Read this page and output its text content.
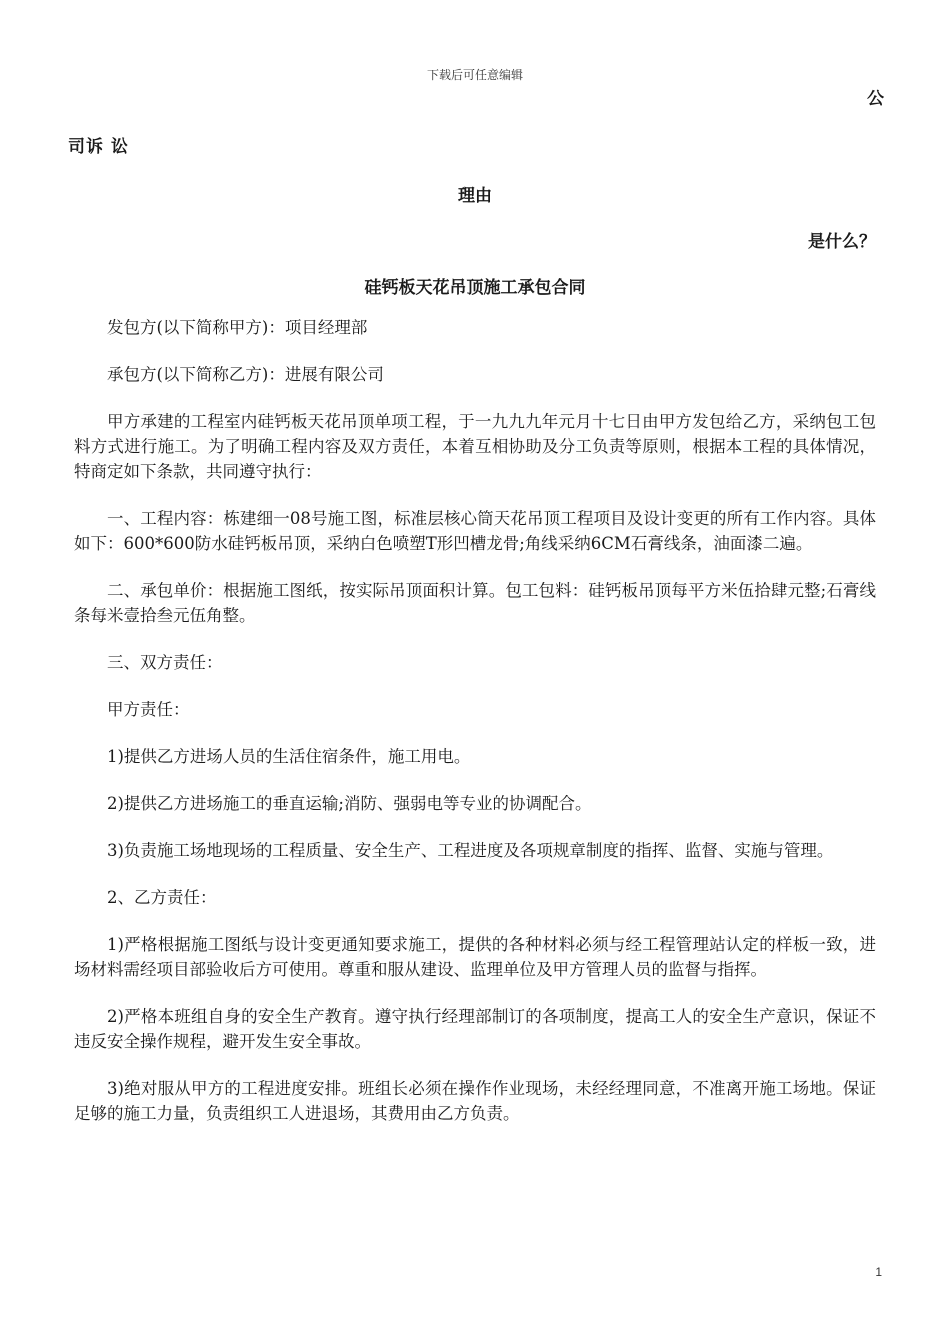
下载后可任意编辑
公
司诉 讼
理由
是什么？
硅钙板天花吊顶施工承包合同

发包方(以下简称甲方)：项目经理部

承包方(以下简称乙方)：进展有限公司

甲方承建的工程室内硅钙板天花吊顶单项工程，于一九九九年元月十七日由甲方发包给乙方，采纳包工包料方式进行施工。为了明确工程内容及双方责任，本着互相协助及分工负责等原则，根据本工程的具体情况，特商定如下条款，共同遵守执行：

一、工程内容：栋建细一08号施工图，标准层核心筒天花吊顶工程项目及设计变更的所有工作内容。具体如下：600*600防水硅钙板吊顶，采纳白色喷塑T形凹槽龙骨;角线采纳6CM石膏线条，油面漆二遍。

二、承包单价：根据施工图纸，按实际吊顶面积计算。包工包料：硅钙板吊顶每平方米伍拾肆元整;石膏线条每米壹拾叁元伍角整。

三、双方责任：

甲方责任：

1)提供乙方进场人员的生活住宿条件，施工用电。

2)提供乙方进场施工的垂直运输;消防、强弱电等专业的协调配合。

3)负责施工场地现场的工程质量、安全生产、工程进度及各项规章制度的指挥、监督、实施与管理。

2、乙方责任：

1)严格根据施工图纸与设计变更通知要求施工，提供的各种材料必须与经工程管理站认定的样板一致，进场材料需经项目部验收后方可使用。尊重和服从建设、监理单位及甲方管理人员的监督与指挥。

2)严格本班组自身的安全生产教育。遵守执行经理部制订的各项制度，提高工人的安全生产意识，保证不违反安全操作规程，避开发生安全事故。

3)绝对服从甲方的工程进度安排。班组长必须在操作作业现场，未经经理同意，不准离开施工场地。保证足够的施工力量，负责组织工人进退场，其费用由乙方负责。

1
